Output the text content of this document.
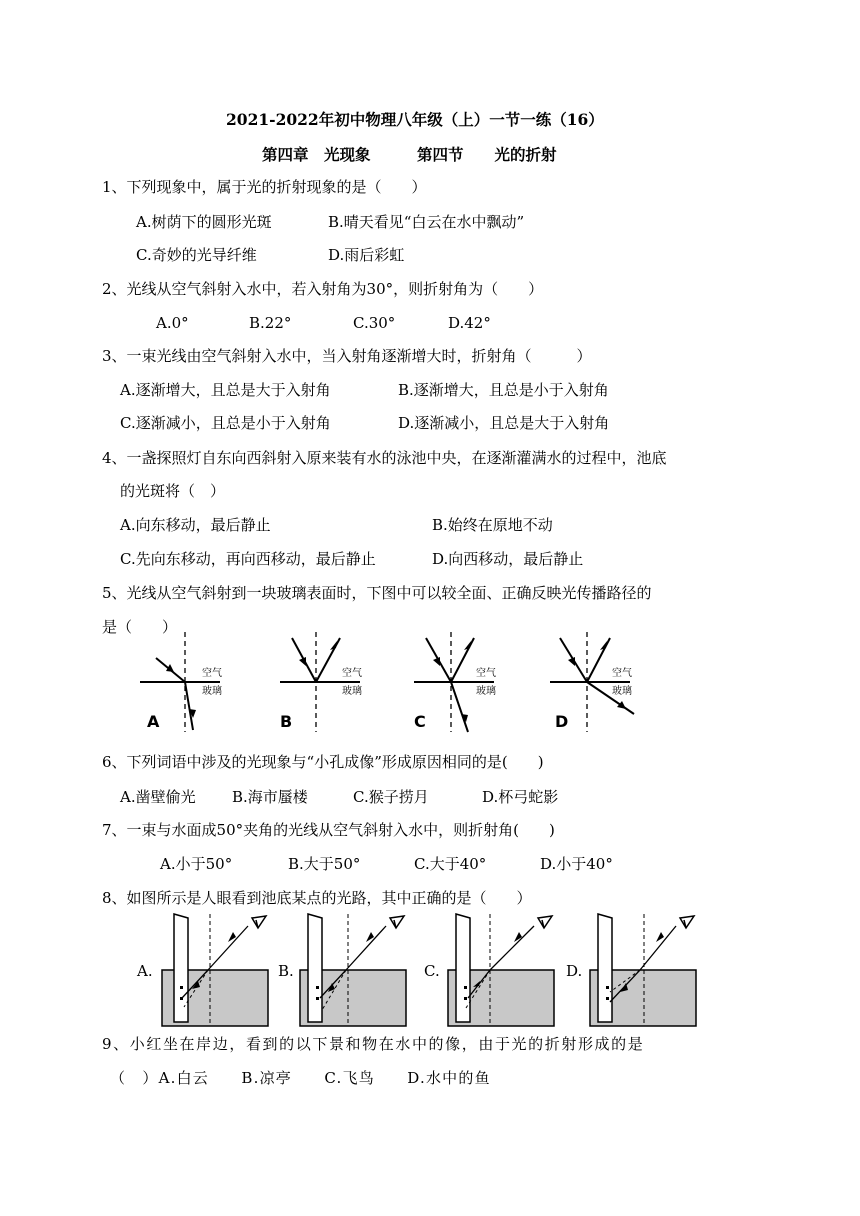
2021-2022年初中物理八年级（上）一节一练（16）
第四章　光现象　　　第四节　　光的折射
1、下列现象中，属于光的折射现象的是（　　）
A.树荫下的圆形光斑	B.晴天看见“白云在水中飘动”
C.奇妙的光导纤维	D.雨后彩虹
2、光线从空气斜射入水中，若入射角为30°，则折射角为（　　）
A.0°	B.22°	C.30°	D.42°
3、一束光线由空气斜射入水中，当入射角逐渐增大时，折射角（　　　）
A.逐渐增大，且总是大于入射角	B.逐渐增大，且总是小于入射角
C.逐渐减小，且总是小于入射角	D.逐渐减小，且总是大于入射角
4、一盏探照灯自东向西斜射入原来装有水的泳池中央，在逐渐灌满水的过程中，池底
的光斑将（　）
A.向东移动，最后静止	B.始终在原地不动
C.先向东移动，再向西移动，最后静止	D.向西移动，最后静止
5、光线从空气斜射到一块玻璃表面时，下图中可以较全面、正确反映光传播路径的
是（　　）
空气
玻璃
A
空气
玻璃
B
空气
玻璃
C
空气
玻璃
D
6、下列词语中涉及的光现象与“小孔成像”形成原因相同的是(　　)
A.凿壁偷光 B.海市蜃楼	C.猴子捞月	D.杯弓蛇影
7、一束与水面成50°夹角的光线从空气斜射入水中，则折射角(　　)
A.小于50°	B.大于50°	C.大于40°	D.小于40°
8、如图所示是人眼看到池底某点的光路，其中正确的是（　　）
A.	B.	C.	D.
9、小红坐在岸边，看到的以下景和物在水中的像，由于光的折射形成的是
（　）A.白云　　B.凉亭　　C.飞鸟　　D.水中的鱼
